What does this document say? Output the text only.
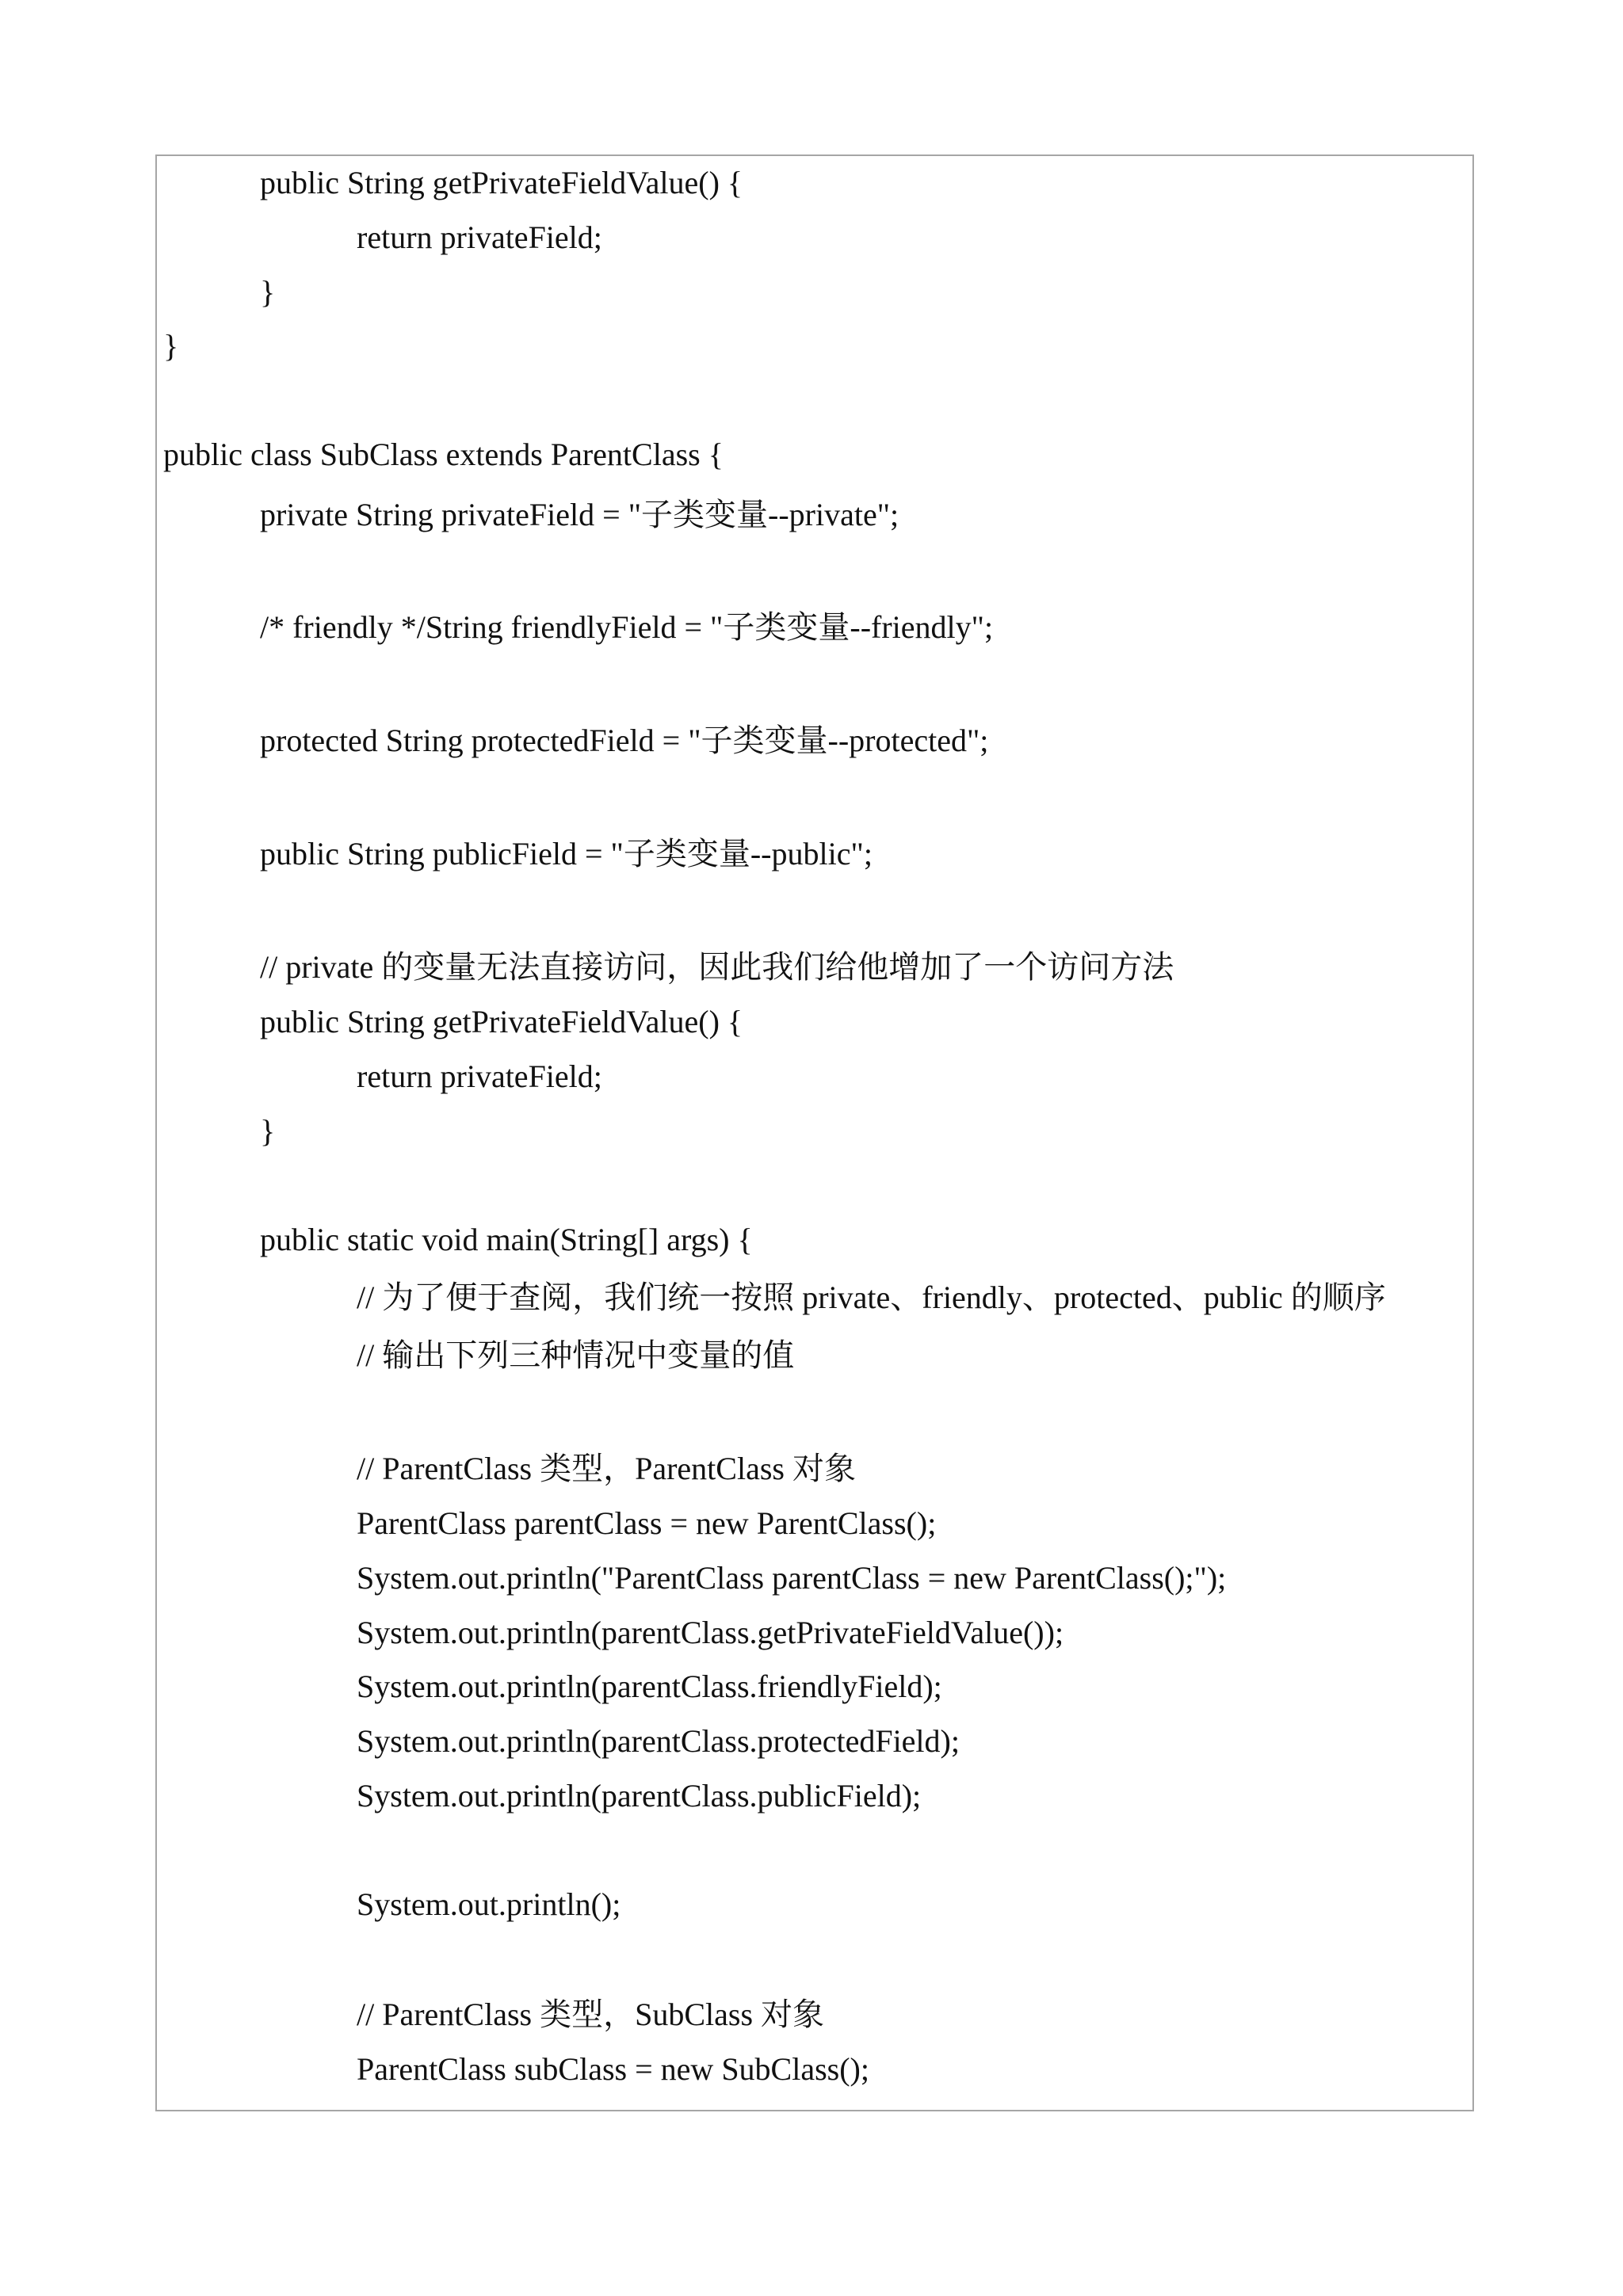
public String getPrivateFieldValue() {
return privateField;
}
}
public class SubClass extends ParentClass {
private String privateField = "子类变量--private";
/* friendly */String friendlyField = "子类变量--friendly";
protected String protectedField = "子类变量--protected";
public String publicField = "子类变量--public";
// private 的变量无法直接访问，因此我们给他增加了一个访问方法
public String getPrivateFieldValue() {
return privateField;
}
public static void main(String[] args) {
// 为了便于查阅，我们统一按照 private、friendly、protected、public 的顺序
// 输出下列三种情况中变量的值
// ParentClass 类型，ParentClass 对象
ParentClass parentClass = new ParentClass();
System.out.println("ParentClass parentClass = new ParentClass();");
System.out.println(parentClass.getPrivateFieldValue());
System.out.println(parentClass.friendlyField);
System.out.println(parentClass.protectedField);
System.out.println(parentClass.publicField);
System.out.println();
// ParentClass 类型，SubClass 对象
ParentClass subClass = new SubClass();
